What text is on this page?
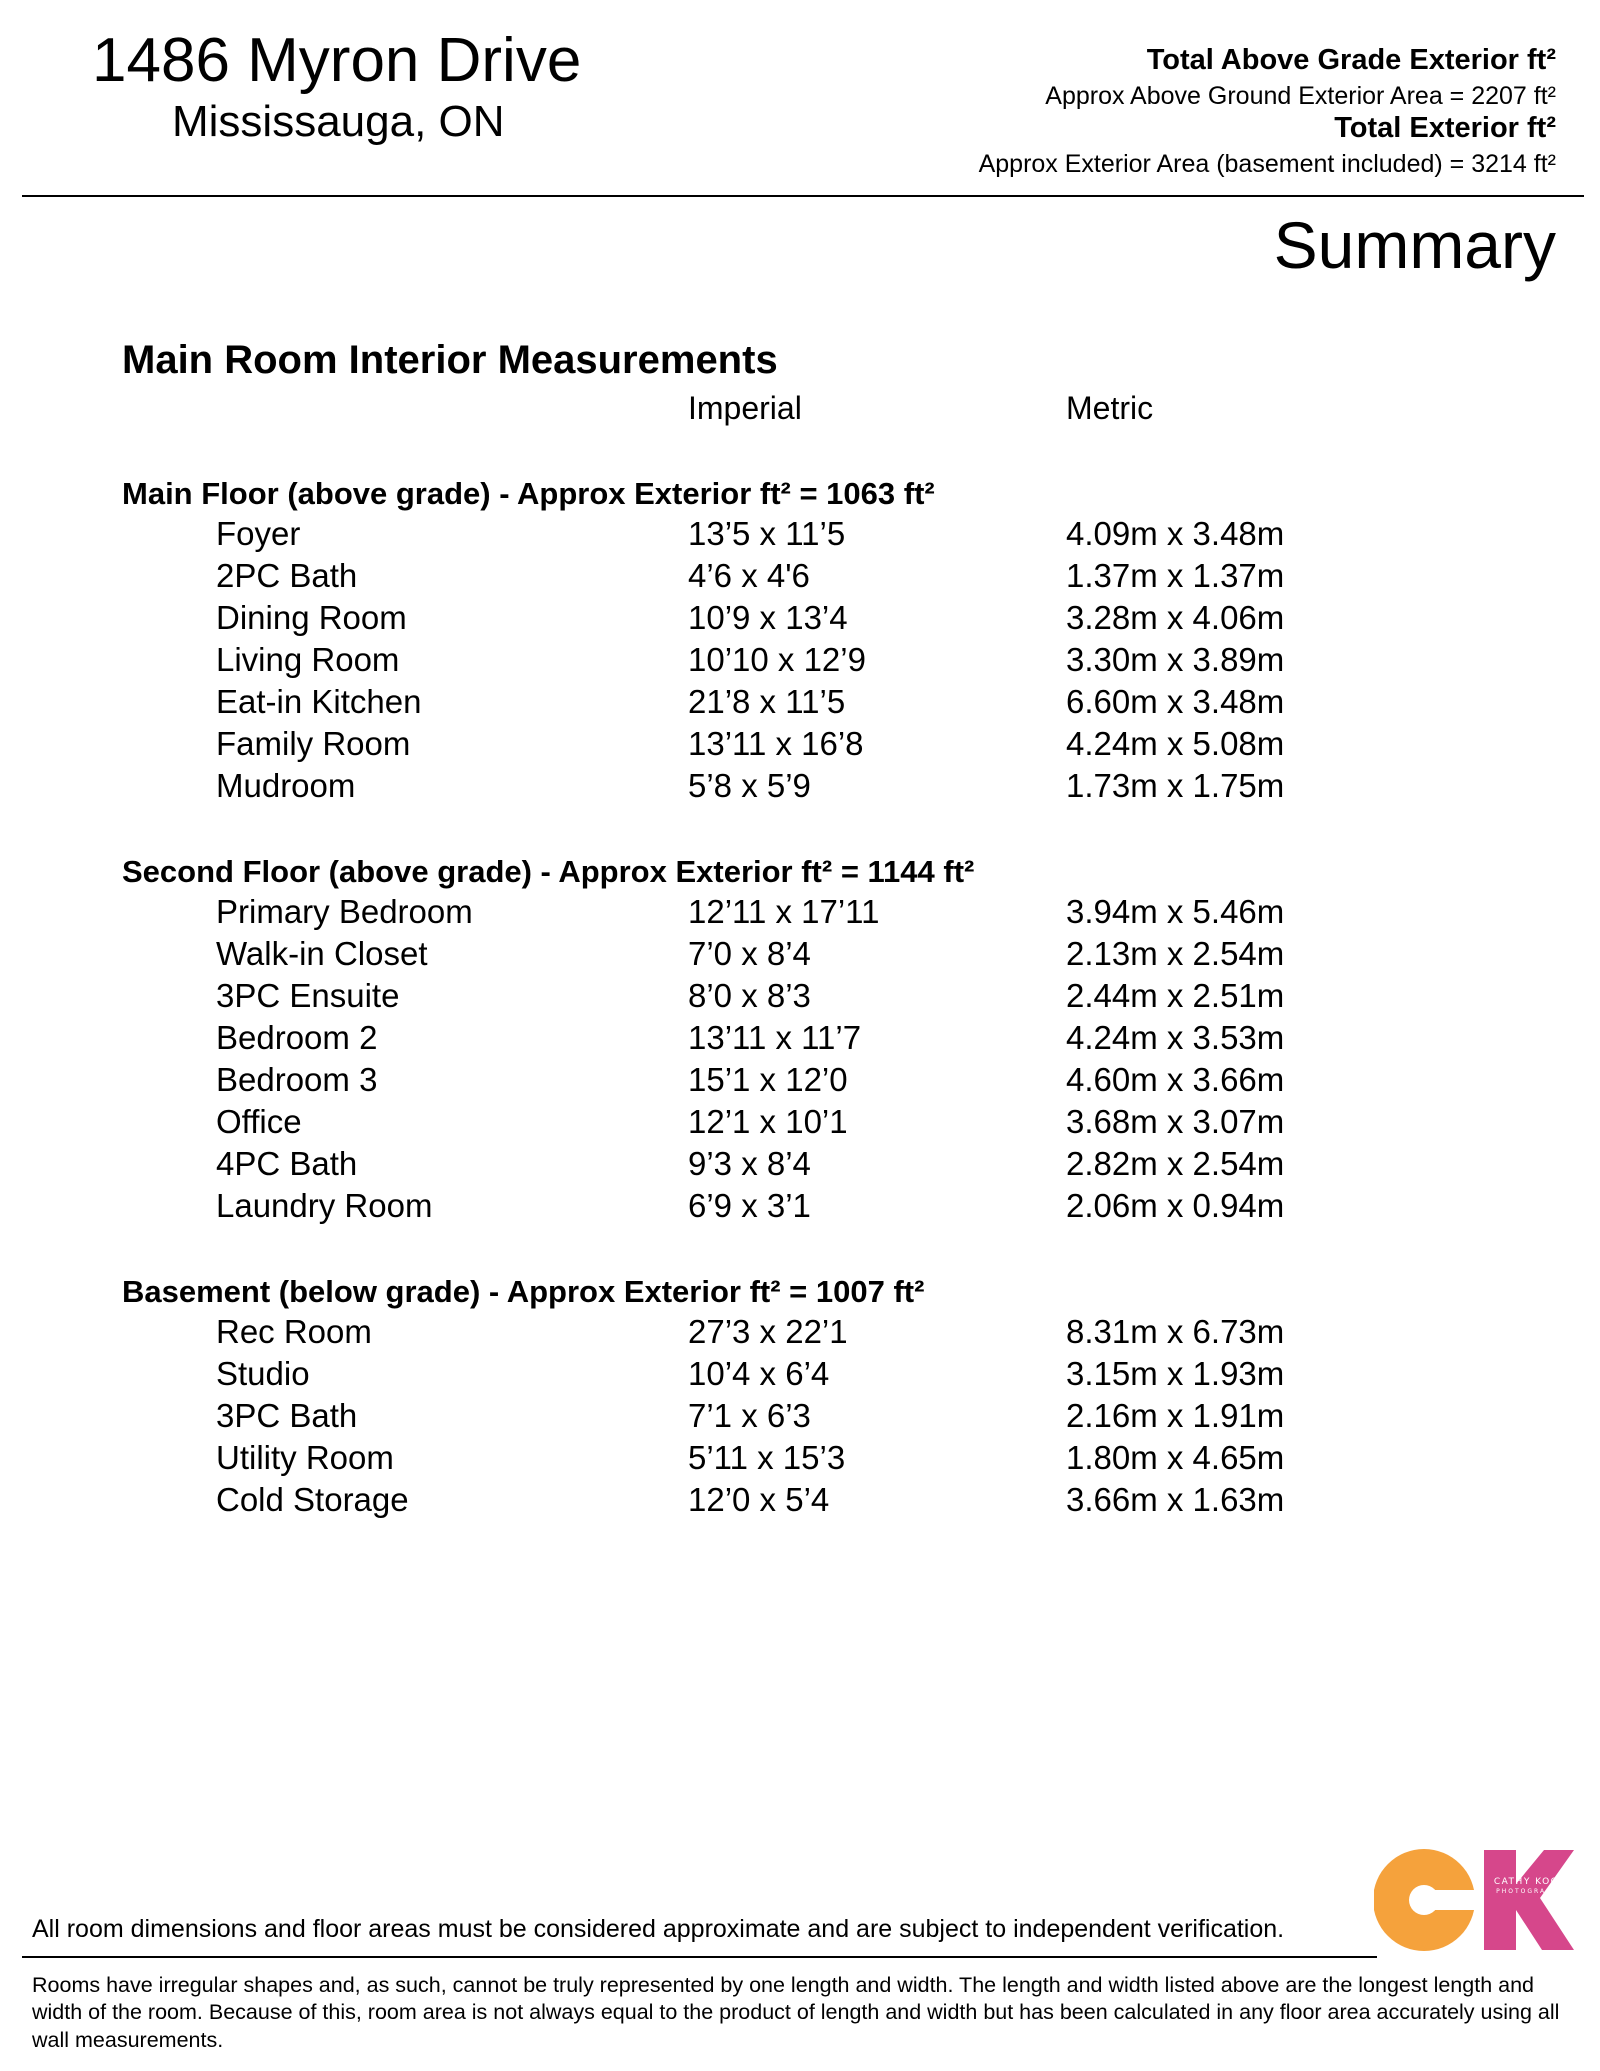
1486 Myron Drive
Mississauga, ON
Total Above Grade Exterior ft²
Approx Above Ground Exterior Area = 2207 ft²
Total Exterior ft²
Approx Exterior Area (basement included) = 3214 ft²
Summary
Main Room Interior Measurements
Imperial	Metric
Main Floor (above grade) - Approx Exterior ft² = 1063 ft²
Foyer	13’5 x 11’5	4.09m x 3.48m
2PC Bath	4’6 x 4'6	1.37m x 1.37m
Dining Room	10’9 x 13’4	3.28m x 4.06m
Living Room	10’10 x 12’9	3.30m x 3.89m
Eat-in Kitchen	21’8 x 11’5	6.60m x 3.48m
Family Room	13’11 x 16’8	4.24m x 5.08m
Mudroom	5’8 x 5’9	1.73m x 1.75m
Second Floor (above grade) - Approx Exterior ft² = 1144 ft²
Primary Bedroom	12’11 x 17’11	3.94m x 5.46m
Walk-in Closet	7’0 x 8’4	2.13m x 2.54m
3PC Ensuite	8’0 x 8’3	2.44m x 2.51m
Bedroom 2	13’11 x 11’7	4.24m x 3.53m
Bedroom 3	15’1 x 12’0	4.60m x 3.66m
Office	12’1 x 10’1	3.68m x 3.07m
4PC Bath	9’3 x 8’4	2.82m x 2.54m
Laundry Room	6’9 x 3’1	2.06m x 0.94m
Basement (below grade) - Approx Exterior ft² = 1007 ft²
Rec Room	27’3 x 22’1	8.31m x 6.73m
Studio	10’4 x 6’4	3.15m x 1.93m
3PC Bath	7’1 x 6’3	2.16m x 1.91m
Utility Room	5’11 x 15’3	1.80m x 4.65m
Cold Storage	12’0 x 5’4	3.66m x 1.63m
All room dimensions and floor areas must be considered approximate and are subject to independent verification.
Rooms have irregular shapes and, as such, cannot be truly represented by one length and width. The length and width listed above are the longest length and width of the room. Because of this, room area is not always equal to the product of length and width but has been calculated in any floor area accurately using all wall measurements.
CATHY KOOP
PHOTOGRAPHY
